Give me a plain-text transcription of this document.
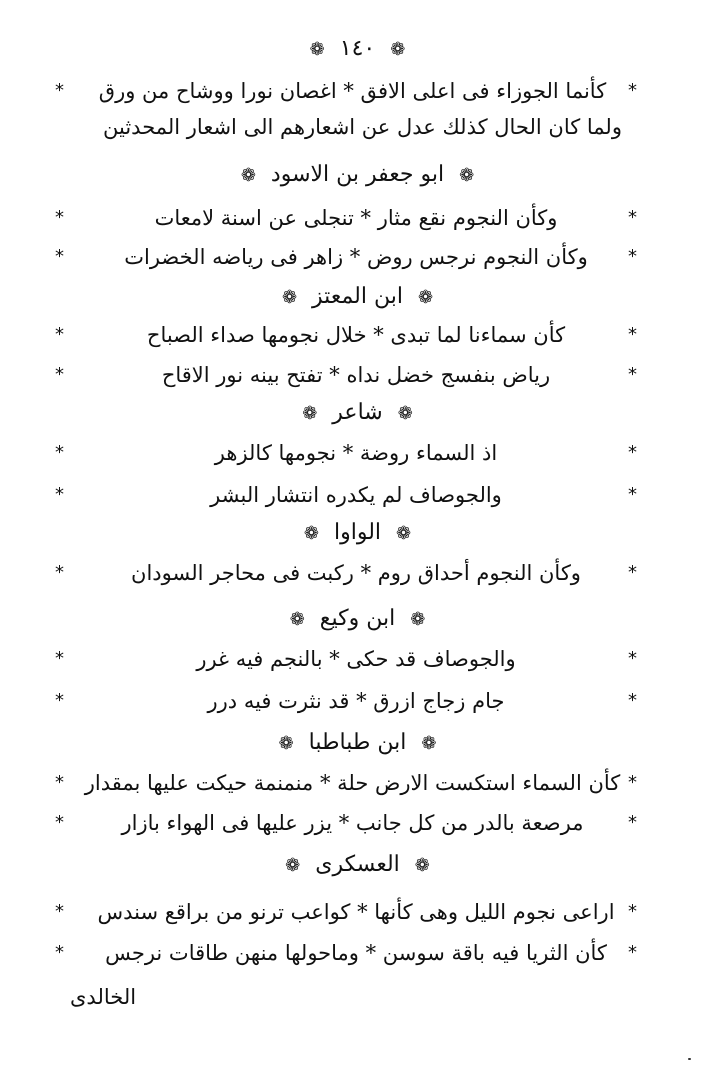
❁ ١٤٠ ❁
*
كأنما الجوزاء فى اعلى الافق * اغصان نورا ووشاح من ورق
*
ولما كان الحال كذلك عدل عن اشعارهم الى اشعار المحدثين
❁ ابو جعفر بن الاسود ❁
*
وكأن النجوم نقع مثار * تنجلى عن اسنة لامعات
*
*
وكأن النجوم نرجس روض * زاهر فى رياضه الخضرات
*
❁ ابن المعتز ❁
*
كأن سماءنا لما تبدى * خلال نجومها صداء الصباح
*
*
رياض بنفسج خضل نداه * تفتح بينه نور الاقاح
*
❁ شاعر ❁
*
اذ السماء روضة * نجومها كالزهر
*
*
والجوصاف لم يكدره انتشار البشر
*
❁ الواوا ❁
*
وكأن النجوم أحداق روم * ركبت فى محاجر السودان
*
❁ ابن وكيع ❁
*
والجوصاف قد حكى * بالنجم فيه غرر
*
*
جام زجاج ازرق * قد نثرت فيه درر
*
❁ ابن طباطبا ❁
*
كأن السماء استكست الارض حلة * منمنمة حيكت عليها بمقدار
*
*
مرصعة بالدر من كل جانب * يزر عليها فى الهواء بازار
*
❁ العسكرى ❁
*
اراعى نجوم الليل وهى كأنها * كواعب ترنو من براقع سندس
*
*
كأن الثريا فيه باقة سوسن * وماحولها منهن طاقات نرجس
*
الخالدى
